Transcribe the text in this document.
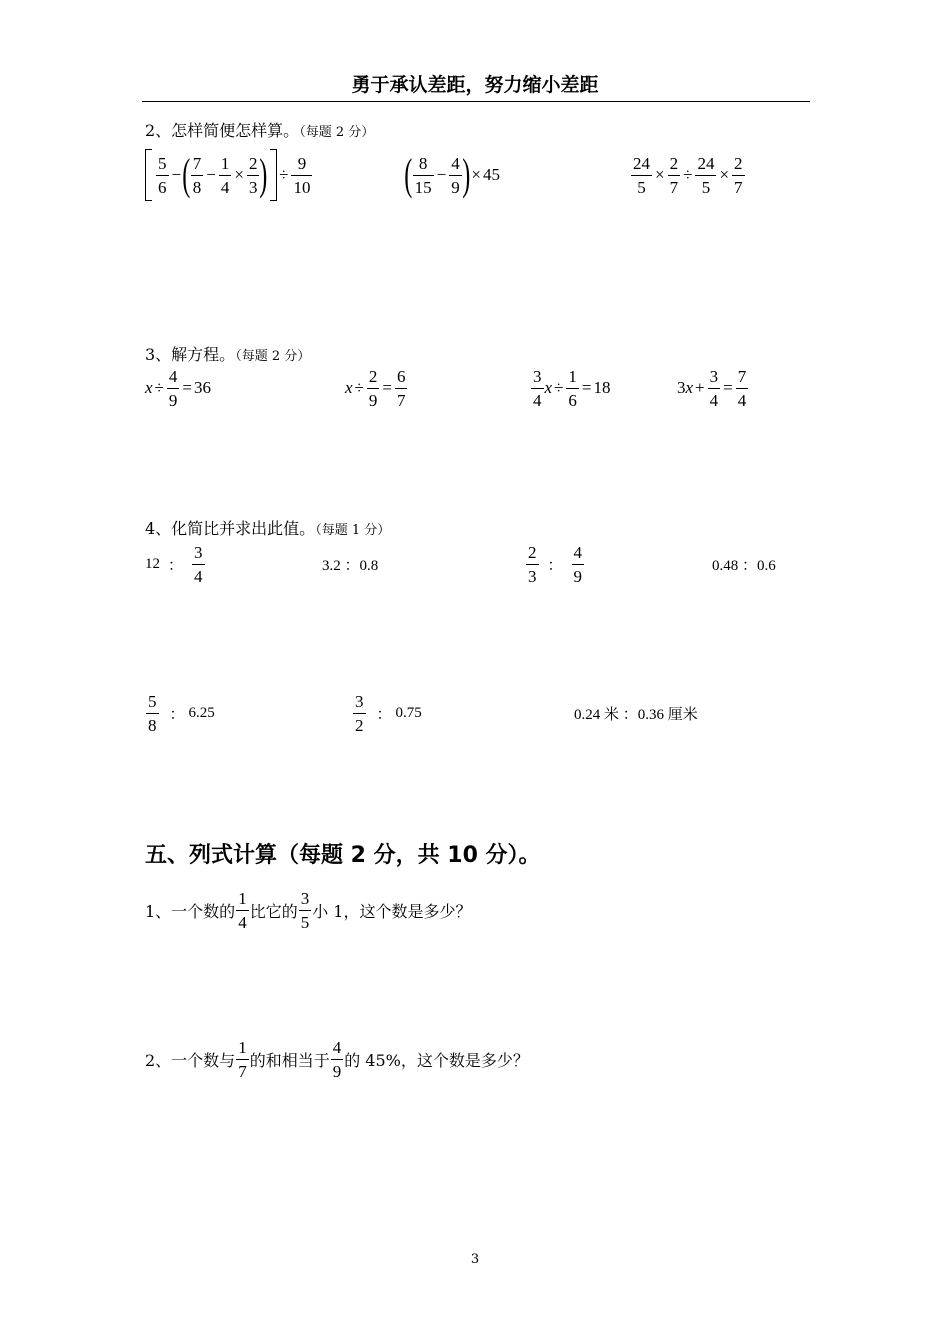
勇于承认差距，努力缩小差距
2、怎样简便怎样算。（每题 2 分）
$\frac{5}{6}$ − ( $\frac{7}{8} - \frac{1}{4} \times \frac{2}{3}$ ) ÷ $\frac{9}{10}$ ( $\frac{8}{15} - \frac{4}{9}$ ) × 45	$\frac{24}{5} \times \frac{2}{7} \div \frac{24}{5} \times \frac{2}{7}$
3、解方程。（每题 2 分）
$x \div \frac{4}{9} = 36$	$x \div \frac{2}{9} = \frac{6}{7}$	$\frac{3}{4}$ $x \div \frac{1}{6} = 18$	3 $x + \frac{3}{4} = \frac{7}{4}$
4、化简比并求出此值。（每题 1 分）
12 ： $\frac{3}{4}$	3.2 ：0.8	$\frac{2}{3}$ ： $\frac{4}{9}$	0.48 ：0.6
$\frac{5}{8}$ ： 6.25	$\frac{3}{2}$ ： 0.75	0.24 米 ：0.36 厘米
五、列式计算（每题 2 分，共 10 分）。
1、一个数的 $\frac{1}{4}$ 比它的 $\frac{3}{5}$ 小 1，这个数是多少？
2、一个数与 $\frac{1}{7}$ 的和相当于 $\frac{4}{9}$ 的 45%，这个数是多少？
3
